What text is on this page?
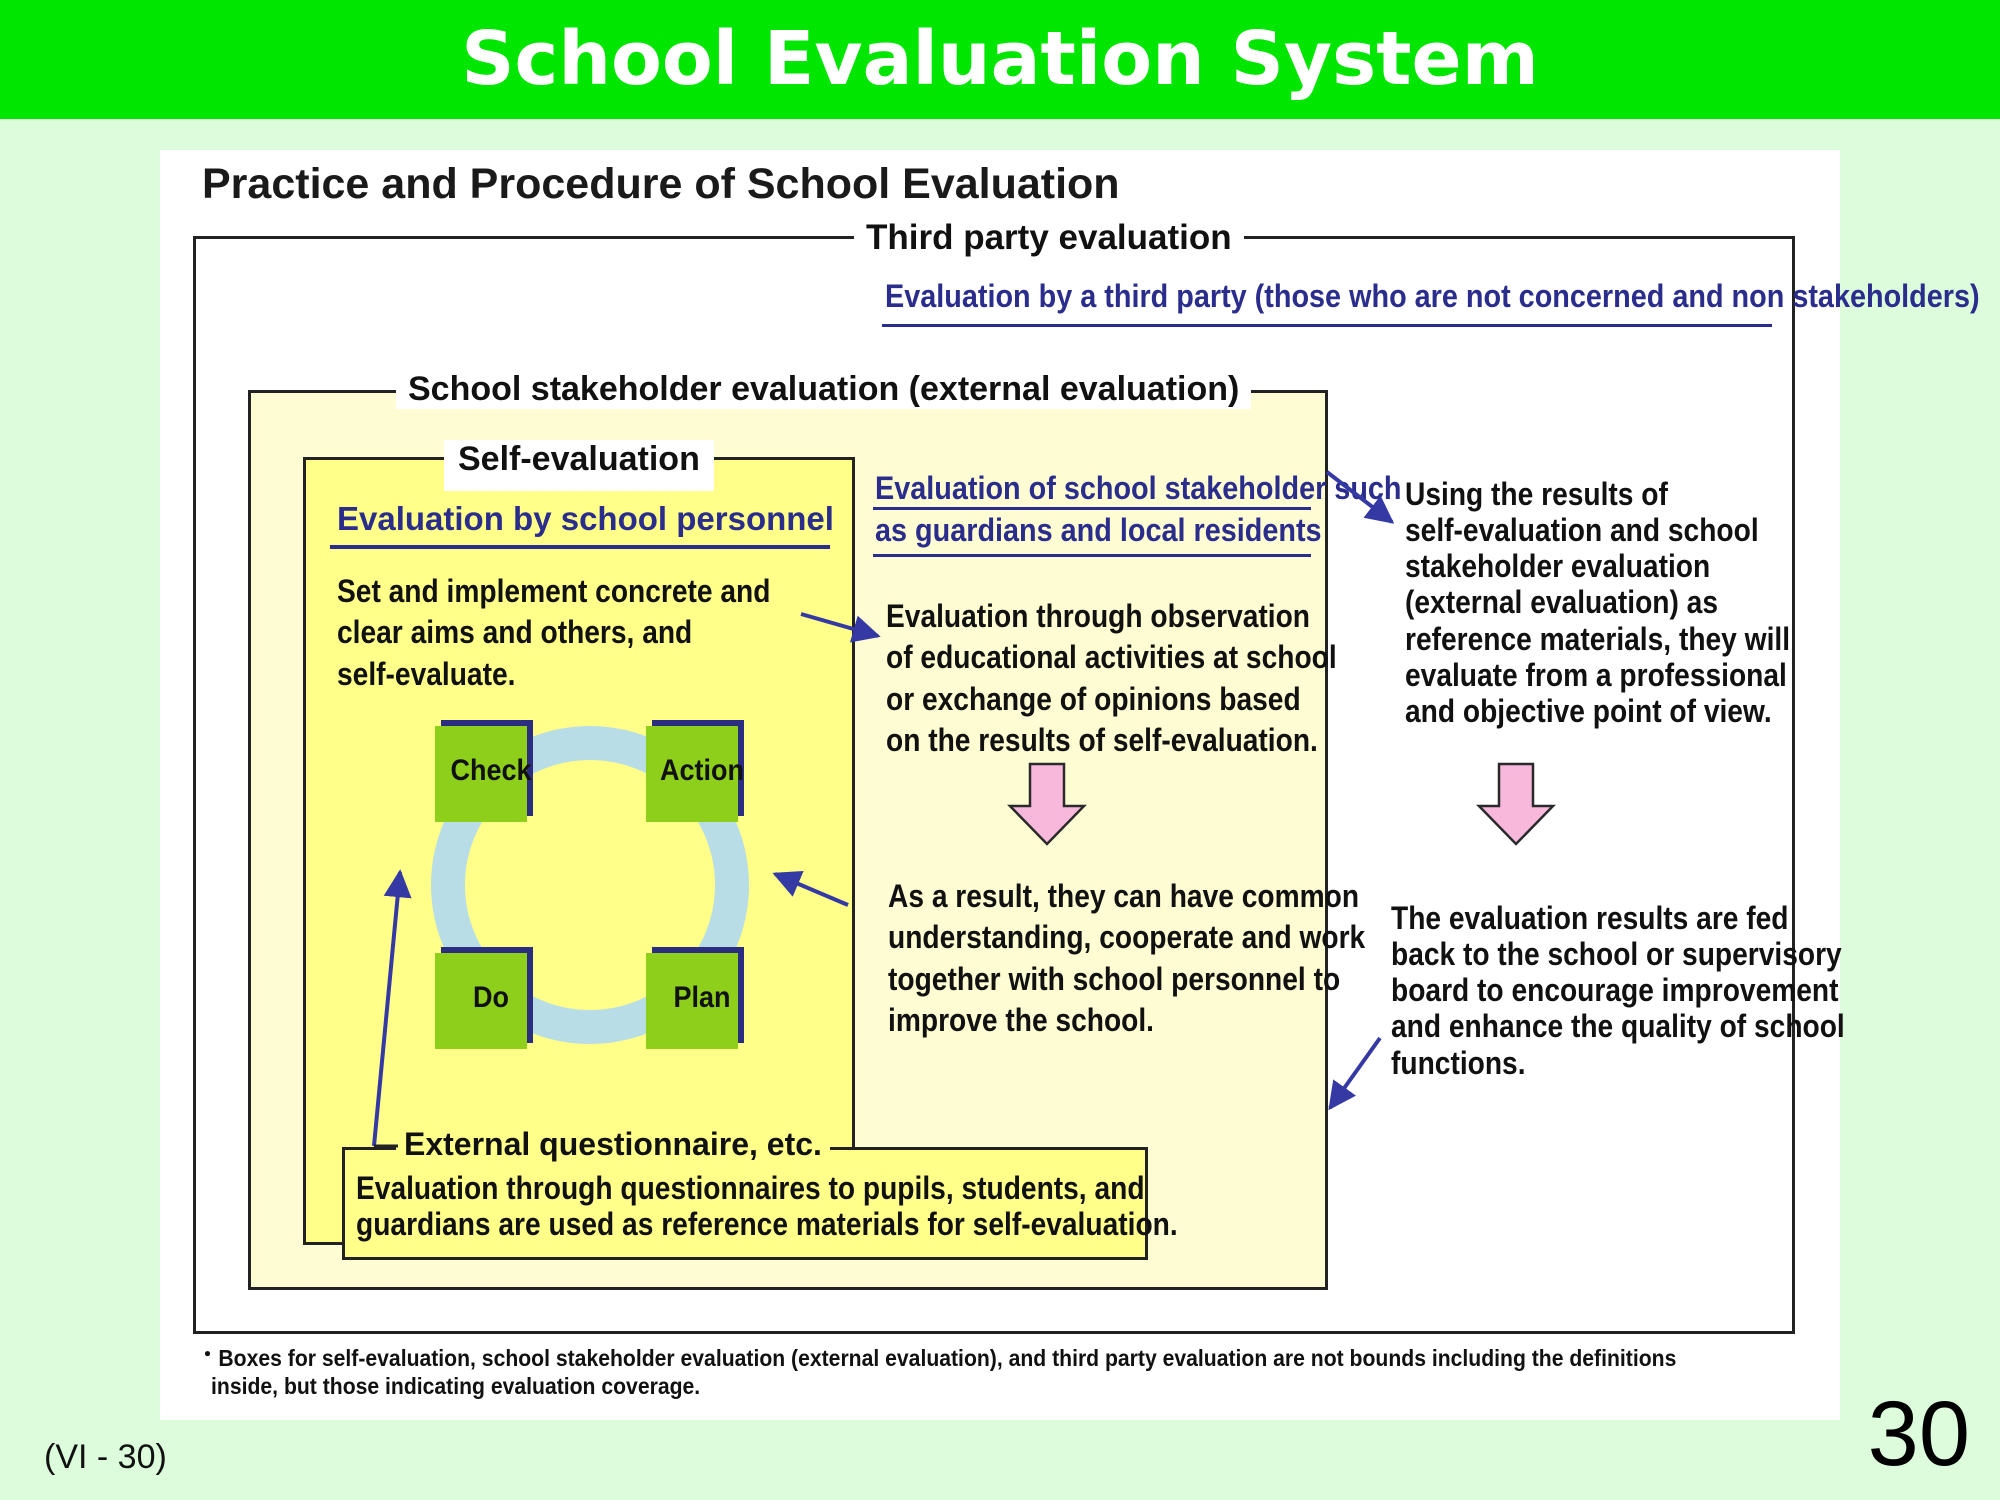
School Evaluation System
Practice and Procedure of School Evaluation
Third party evaluation
Evaluation by a third party (those who are not concerned and non stakeholders)
School stakeholder evaluation (external evaluation)
Self-evaluation
Evaluation by school personnel
Set and implement concrete and
clear aims and others, and
self-evaluate.
Check	Action
Do	Plan
Evaluation of school stakeholder such
as guardians and local residents
Evaluation through observation
of educational activities at school
or exchange of opinions based
on the results of self-evaluation.
As a result, they can have common
understanding, cooperate and work
together with school personnel to
improve the school.
Using the results of
self-evaluation and school
stakeholder evaluation
(external evaluation) as
reference materials, they will
evaluate from a professional
and objective point of view.
The evaluation results are fed
back to the school or supervisory
board to encourage improvement
and enhance the quality of school
functions.
External questionnaire, etc.
Evaluation through questionnaires to pupils, students, and
guardians are used as reference materials for self-evaluation.
・ Boxes for self-evaluation, school stakeholder evaluation (external evaluation), and third party evaluation are not bounds including the definitions
inside, but those indicating evaluation coverage.
(VI - 30)	30
